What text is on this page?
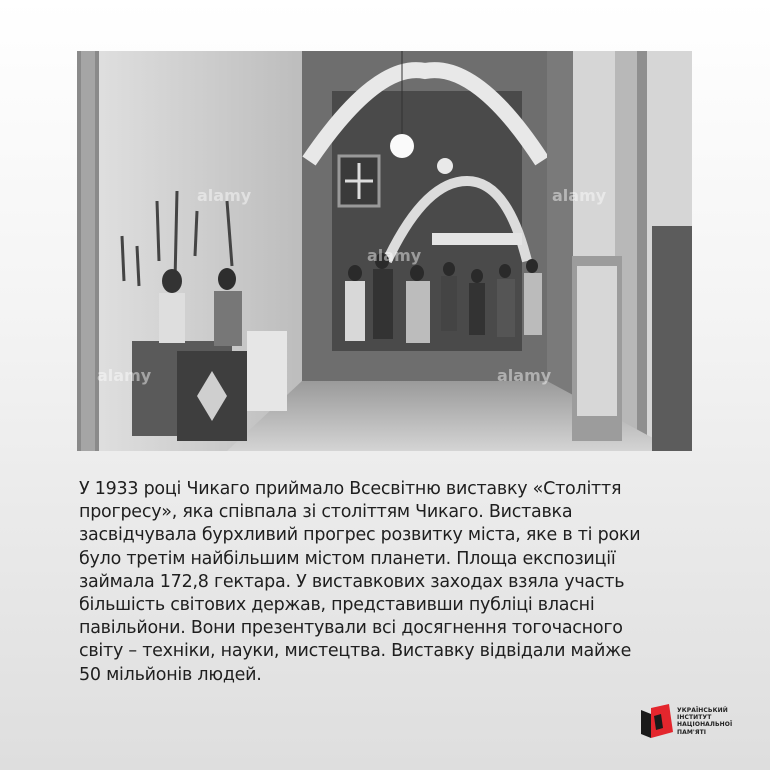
alamy
alamy
alamy
alamy	alamy

У 1933 році Чикаго приймало Всесвітню виставку «Століття
прогресу», яка співпала зі століттям Чикаго. Виставка
засвідчувала бурхливий прогрес розвитку міста, яке в ті роки
було третім найбільшим містом планети. Площа експозиції
займала 172,8 гектара. У виставкових заходах взяла участь
більшість світових держав, представивши публіці власні
павільйони. Вони презентували всі досягнення тогочасного
світу – техніки, науки, мистецтва. Виставку відвідали майже
50 мільйонів людей.

УКРАЇНСЬКИЙ
ІНСТИТУТ
НАЦІОНАЛЬНОЇ
ПАМ'ЯТІ
